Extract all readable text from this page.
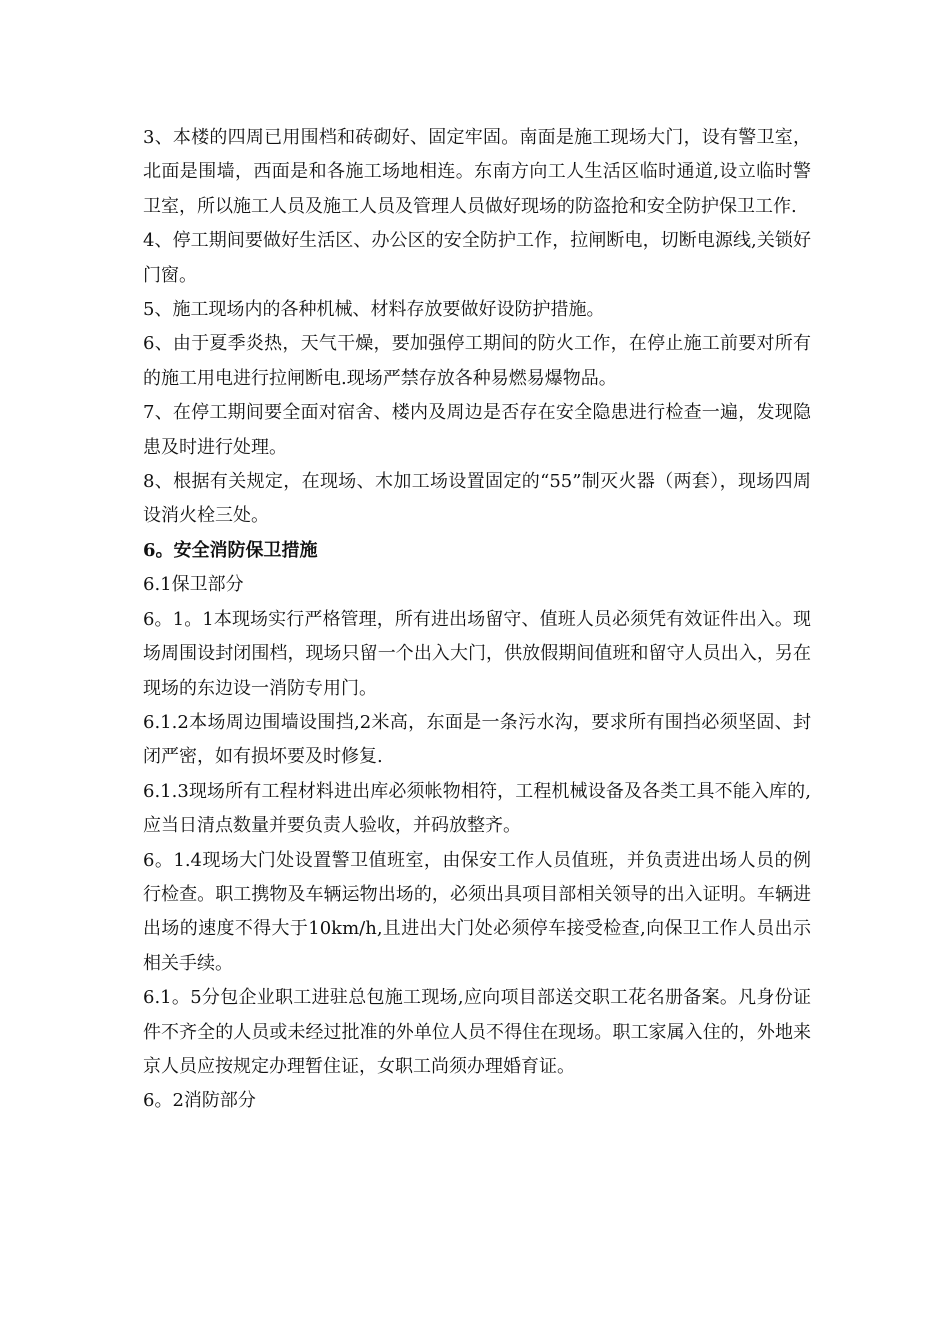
3、本楼的四周已用围档和砖砌好、固定牢固。南面是施工现场大门，设有警卫室，北面是围墙，西面是和各施工场地相连。东南方向工人生活区临时通道,设立临时警卫室，所以施工人员及施工人员及管理人员做好现场的防盗抢和安全防护保卫工作.

4、停工期间要做好生活区、办公区的安全防护工作，拉闸断电，切断电源线,关锁好门窗。

5、施工现场内的各种机械、材料存放要做好设防护措施。

6、由于夏季炎热，天气干燥，要加强停工期间的防火工作，在停止施工前要对所有的施工用电进行拉闸断电.现场严禁存放各种易燃易爆物品。

7、在停工期间要全面对宿舍、楼内及周边是否存在安全隐患进行检查一遍，发现隐患及时进行处理。

8、根据有关规定，在现场、木加工场设置固定的“55”制灭火器（两套），现场四周设消火栓三处。

6。安全消防保卫措施

6.1保卫部分

6。1。1本现场实行严格管理，所有进出场留守、值班人员必须凭有效证件出入。现场周围设封闭围档，现场只留一个出入大门，供放假期间值班和留守人员出入，另在现场的东边设一消防专用门。

6.1.2本场周边围墙设围挡,2米高，东面是一条污水沟，要求所有围挡必须坚固、封闭严密，如有损坏要及时修复.

6.1.3现场所有工程材料进出库必须帐物相符，工程机械设备及各类工具不能入库的,应当日清点数量并要负责人验收，并码放整齐。

6。1.4现场大门处设置警卫值班室，由保安工作人员值班，并负责进出场人员的例行检查。职工携物及车辆运物出场的，必须出具项目部相关领导的出入证明。车辆进出场的速度不得大于10km/h,且进出大门处必须停车接受检查,向保卫工作人员出示相关手续。

6.1。5分包企业职工进驻总包施工现场,应向项目部送交职工花名册备案。凡身份证件不齐全的人员或未经过批准的外单位人员不得住在现场。职工家属入住的，外地来京人员应按规定办理暂住证，女职工尚须办理婚育证。

6。2消防部分
